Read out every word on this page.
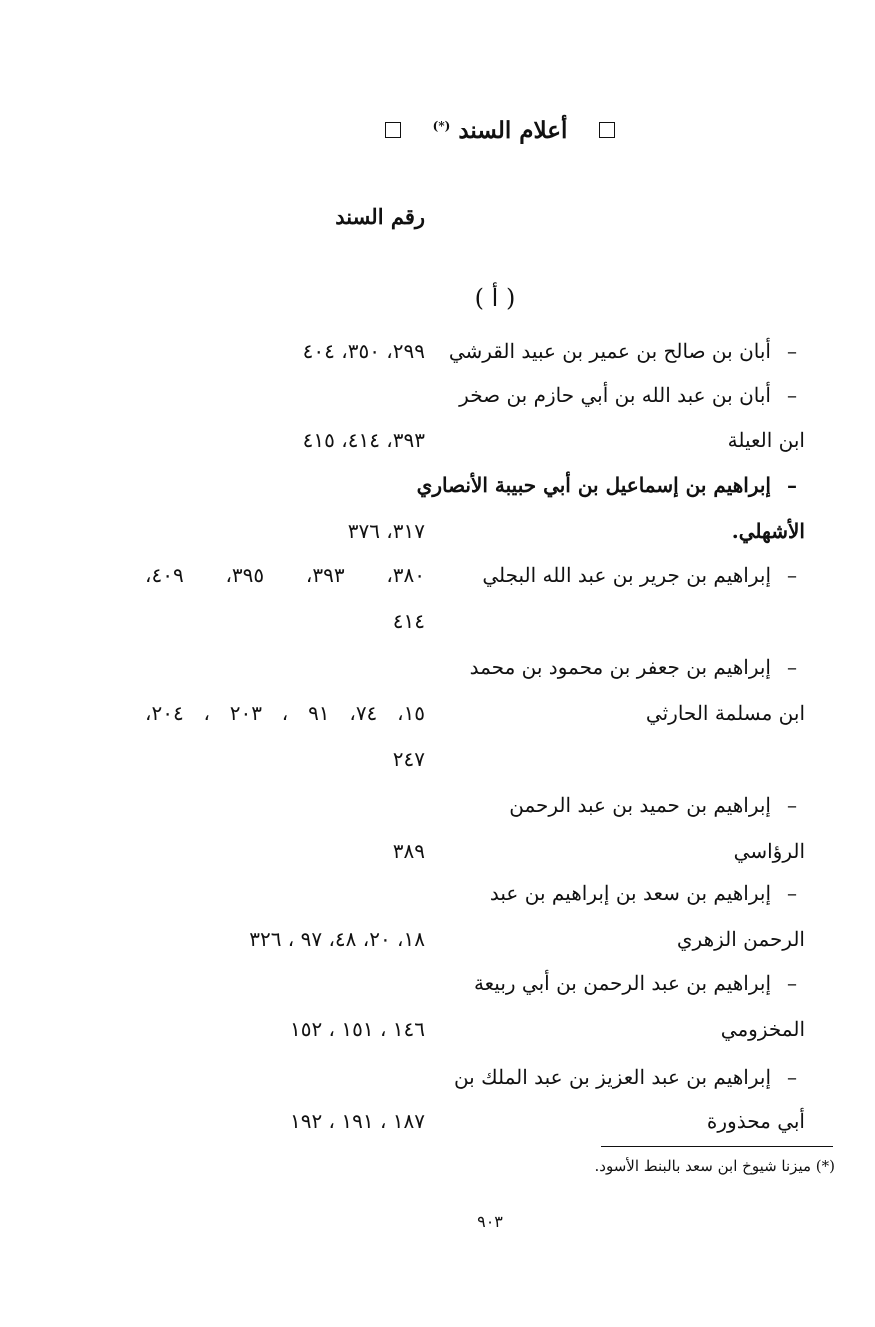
أعلام السند (*)
رقم السند
( أ )
–أبان بن صالح بن عمير بن عبيد القرشي
٢٩٩، ٣٥٠، ٤٠٤
–أبان بن عبد الله بن أبي حازم بن صخر
ابن العيلة
٣٩٣، ٤١٤، ٤١٥
–إبراهيم بن إسماعيل بن أبي حبيبة الأنصاري
الأشهلي.
٣١٧، ٣٧٦
–إبراهيم بن جرير بن عبد الله البجلي
٣٨٠، ٣٩٣، ٣٩٥، ٤٠٩،
٤١٤
–إبراهيم بن جعفر بن محمود بن محمد
ابن مسلمة الحارثي
١٥، ٧٤، ٩١ ، ٢٠٣ ، ٢٠٤،
٢٤٧
–إبراهيم بن حميد بن عبد الرحمن
الرؤاسي
٣٨٩
–إبراهيم بن سعد بن إبراهيم بن عبد
الرحمن الزهري
١٨، ٢٠، ٤٨، ٩٧ ، ٣٢٦
–إبراهيم بن عبد الرحمن بن أبي ربيعة
المخزومي
١٤٦ ، ١٥١ ، ١٥٢
–إبراهيم بن عبد العزيز بن عبد الملك بن
أبي محذورة
١٨٧ ، ١٩١ ، ١٩٢
(*) ميزنا شيوخ ابن سعد بالبنط الأسود.
٩٠٣
